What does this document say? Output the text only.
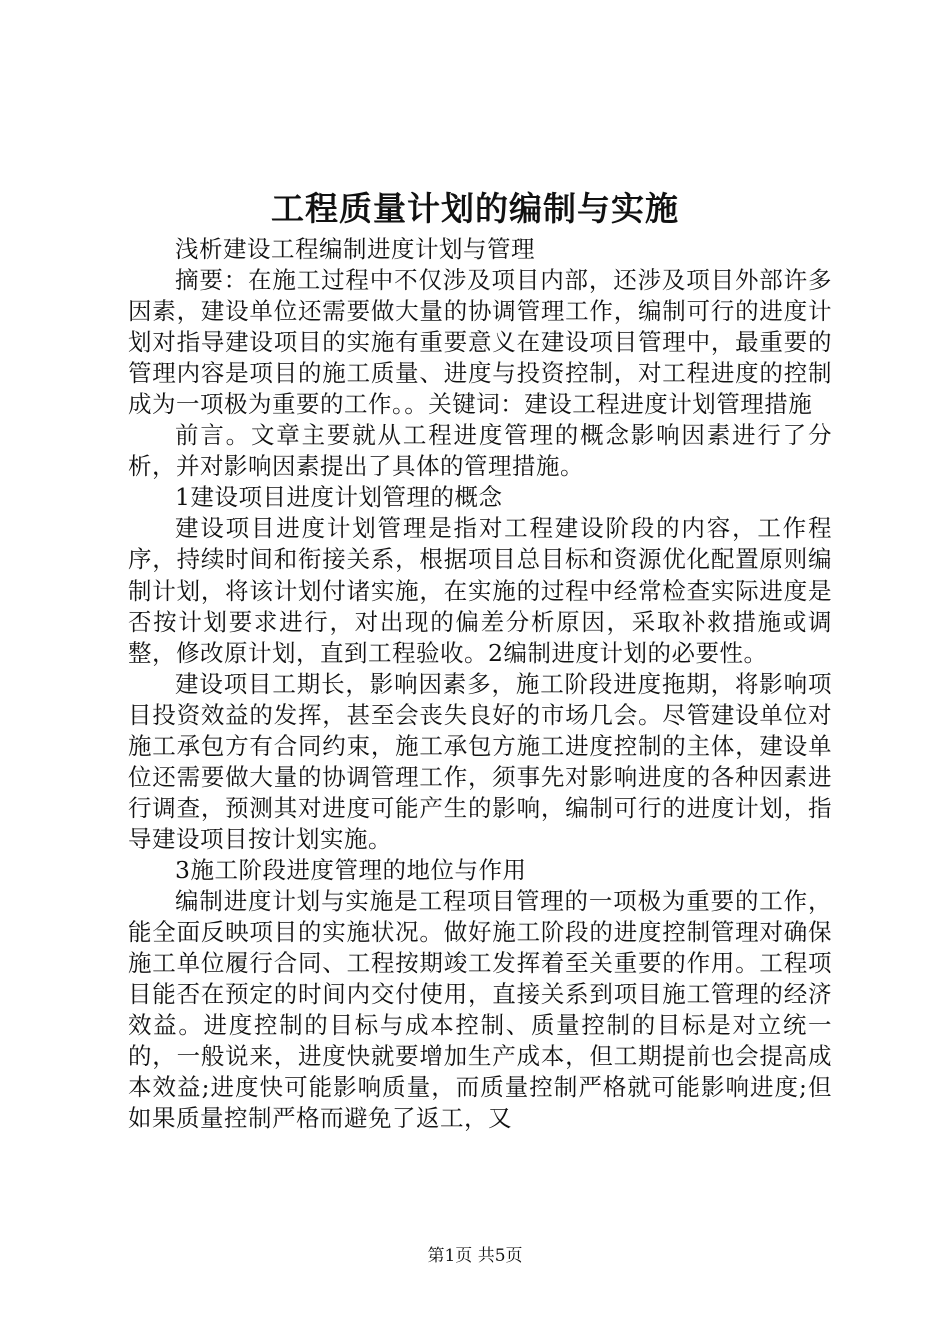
工程质量计划的编制与实施

浅析建设工程编制进度计划与管理

摘要：在施工过程中不仅涉及项目内部，还涉及项目外部许多因素，建设单位还需要做大量的协调管理工作，编制可行的进度计划对指导建设项目的实施有重要意义在建设项目管理中，最重要的管理内容是项目的施工质量、进度与投资控制，对工程进度的控制成为一项极为重要的工作。。关键词：建设工程进度计划管理措施

前言。文章主要就从工程进度管理的概念影响因素进行了分析，并对影响因素提出了具体的管理措施。

1建设项目进度计划管理的概念

建设项目进度计划管理是指对工程建设阶段的内容，工作程序，持续时间和衔接关系，根据项目总目标和资源优化配置原则编制计划，将该计划付诸实施，在实施的过程中经常检查实际进度是否按计划要求进行，对出现的偏差分析原因，采取补救措施或调整，修改原计划，直到工程验收。2编制进度计划的必要性。

建设项目工期长，影响因素多，施工阶段进度拖期，将影响项目投资效益的发挥，甚至会丧失良好的市场几会。尽管建设单位对施工承包方有合同约束，施工承包方施工进度控制的主体，建设单位还需要做大量的协调管理工作，须事先对影响进度的各种因素进行调查，预测其对进度可能产生的影响，编制可行的进度计划，指导建设项目按计划实施。

3施工阶段进度管理的地位与作用

编制进度计划与实施是工程项目管理的一项极为重要的工作，能全面反映项目的实施状况。做好施工阶段的进度控制管理对确保施工单位履行合同、工程按期竣工发挥着至关重要的作用。工程项目能否在预定的时间内交付使用，直接关系到项目施工管理的经济效益。进度控制的目标与成本控制、质量控制的目标是对立统一的，一般说来，进度快就要增加生产成本，但工期提前也会提高成本效益;进度快可能影响质量，而质量控制严格就可能影响进度;但如果质量控制严格而避免了返工，又

第1页 共5页
